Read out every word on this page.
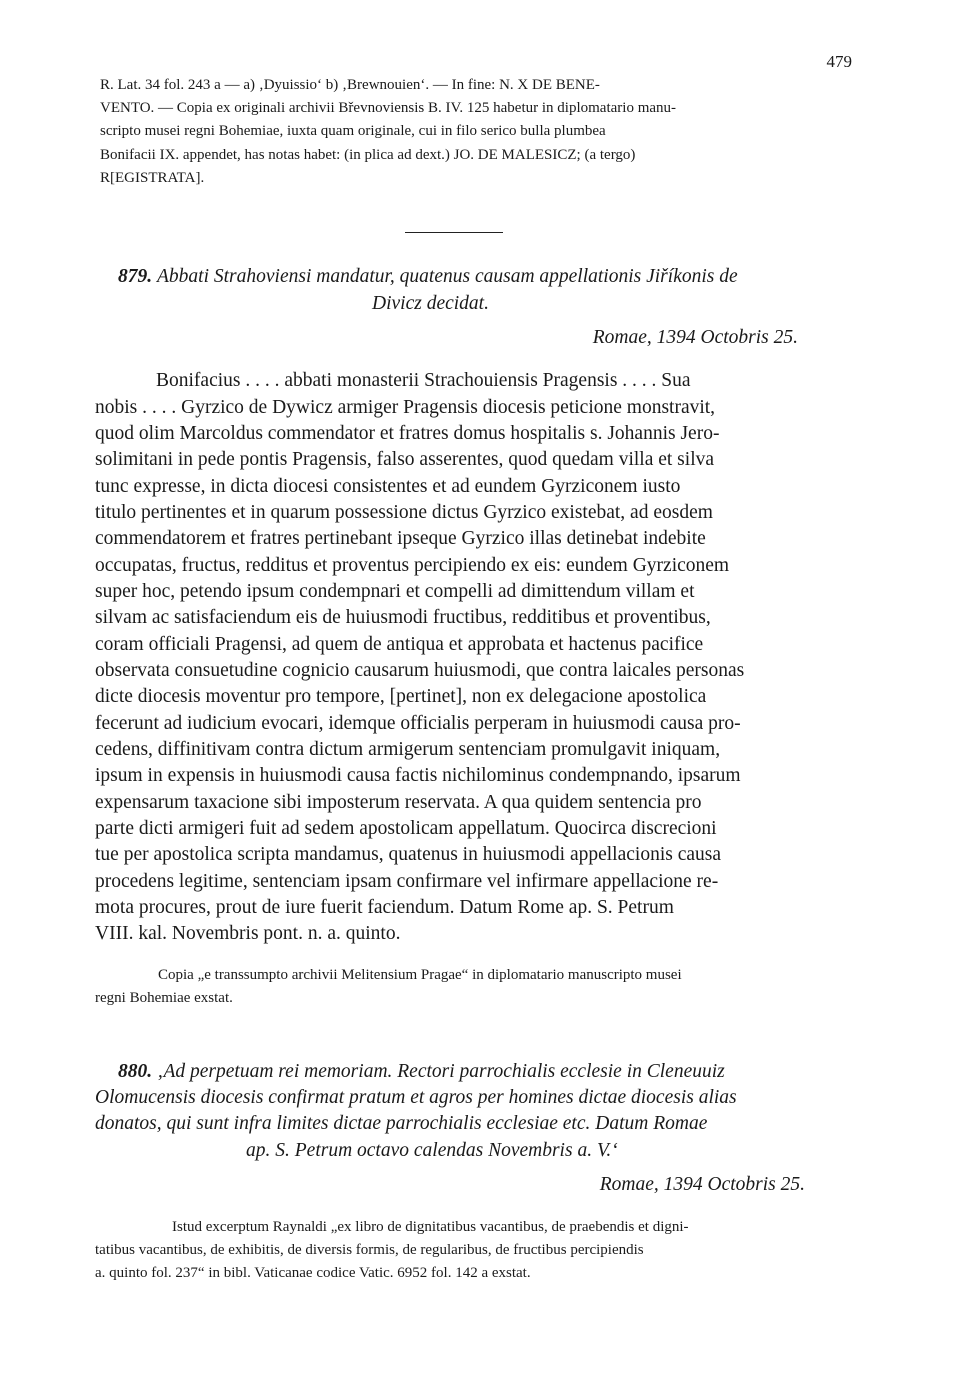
479
R. Lat. 34 fol. 243 a — a) ‚Dyuissio‘ b) ‚Brewnouien‘. — In fine: N. X DE BENE-
VENTO. — Copia ex originali archivii Břevnoviensis B. IV. 125 habetur in diplomatario manu-
scripto musei regni Bohemiae, iuxta quam originale, cui in filo serico bulla plumbea
Bonifacii IX. appendet, has notas habet: (in plica ad dext.) JO. DE MALESICZ; (a tergo)
R[EGISTRATA].
879. Abbati Strahoviensi mandatur, quatenus causam appellationis Jiříkonis de
Divicz decidat.
Romae, 1394 Octobris 25.
Bonifacius . . . . abbati monasterii Strachouiensis Pragensis . . . . Sua
nobis . . . . Gyrzico de Dywicz armiger Pragensis diocesis peticione monstravit,
quod olim Marcoldus commendator et fratres domus hospitalis s. Johannis Jero-
solimitani in pede pontis Pragensis, falso asserentes, quod quedam villa et silva
tunc expresse, in dicta diocesi consistentes et ad eundem Gyrziconem iusto
titulo pertinentes et in quarum possessione dictus Gyrzico existebat, ad eosdem
commendatorem et fratres pertinebant ipseque Gyrzico illas detinebat indebite
occupatas, fructus, redditus et proventus percipiendo ex eis: eundem Gyrziconem
super hoc, petendo ipsum condempnari et compelli ad dimittendum villam et
silvam ac satisfaciendum eis de huiusmodi fructibus, redditibus et proventibus,
coram officiali Pragensi, ad quem de antiqua et approbata et hactenus pacifice
observata consuetudine cognicio causarum huiusmodi, que contra laicales personas
dicte diocesis moventur pro tempore, [pertinet], non ex delegacione apostolica
fecerunt ad iudicium evocari, idemque officialis perperam in huiusmodi causa pro-
cedens, diffinitivam contra dictum armigerum sentenciam promulgavit iniquam,
ipsum in expensis in huiusmodi causa factis nichilominus condempnando, ipsarum
expensarum taxacione sibi imposterum reservata. A qua quidem sentencia pro
parte dicti armigeri fuit ad sedem apostolicam appellatum. Quocirca discrecioni
tue per apostolica scripta mandamus, quatenus in huiusmodi appellacionis causa
procedens legitime, sentenciam ipsam confirmare vel infirmare appellacione re-
mota procures, prout de iure fuerit faciendum. Datum Rome ap. S. Petrum
VIII. kal. Novembris pont. n. a. quinto.
Copia „e transsumpto archivii Melitensium Pragae“ in diplomatario manuscripto musei
regni Bohemiae exstat.
880. ‚Ad perpetuam rei memoriam. Rectori parrochialis ecclesie in Cleneuuiz
Olomucensis diocesis confirmat pratum et agros per homines dictae diocesis alias
donatos, qui sunt infra limites dictae parrochialis ecclesiae etc. Datum Romae
ap. S. Petrum octavo calendas Novembris a. V.‘
Romae, 1394 Octobris 25.
Istud excerptum Raynaldi „ex libro de dignitatibus vacantibus, de praebendis et digni-
tatibus vacantibus, de exhibitis, de diversis formis, de regularibus, de fructibus percipiendis
a. quinto fol. 237“ in bibl. Vaticanae codice Vatic. 6952 fol. 142 a exstat.
